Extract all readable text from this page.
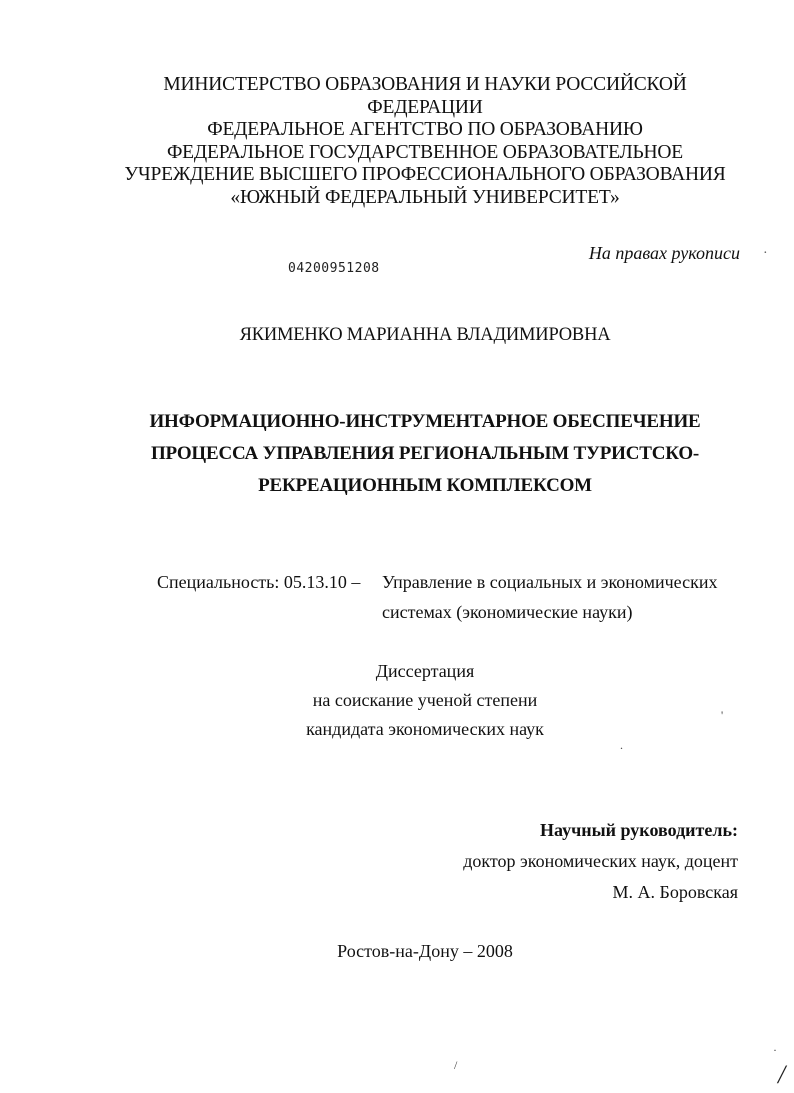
МИНИСТЕРСТВО ОБРАЗОВАНИЯ И НАУКИ РОССИЙСКОЙ
ФЕДЕРАЦИИ
ФЕДЕРАЛЬНОЕ АГЕНТСТВО ПО ОБРАЗОВАНИЮ
ФЕДЕРАЛЬНОЕ ГОСУДАРСТВЕННОЕ ОБРАЗОВАТЕЛЬНОЕ
УЧРЕЖДЕНИЕ ВЫСШЕГО ПРОФЕССИОНАЛЬНОГО ОБРАЗОВАНИЯ
«ЮЖНЫЙ ФЕДЕРАЛЬНЫЙ УНИВЕРСИТЕТ»
На правах рукописи ·
04200951208
ЯКИМЕНКО МАРИАННА ВЛАДИМИРОВНА
ИНФОРМАЦИОННО-ИНСТРУМЕНТАРНОЕ ОБЕСПЕЧЕНИЕ
ПРОЦЕССА УПРАВЛЕНИЯ РЕГИОНАЛЬНЫМ ТУРИСТСКО-
РЕКРЕАЦИОННЫМ КОМПЛЕКСОМ
Специальность: 05.13.10 – Управление в социальных и экономических
системах (экономические науки)
Диссертация
на соискание ученой степени
кандидата экономических наук
'
.
Научный руководитель:
доктор экономических наук, доцент
М. А. Боровская
Ростов-на-Дону – 2008
/
·
/
